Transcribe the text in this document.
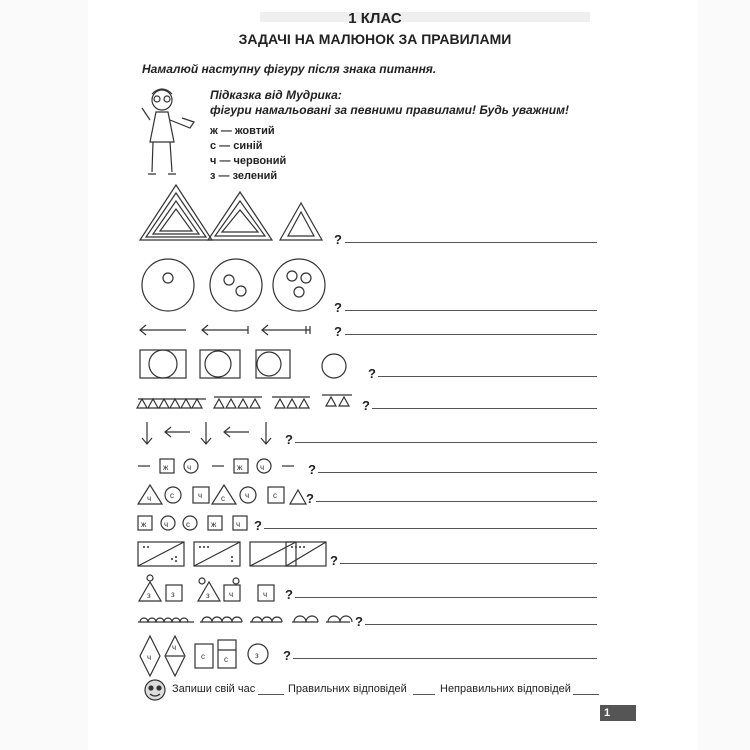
1 КЛАС
ЗАДАЧІ НА МАЛЮНОК ЗА ПРАВИЛАМИ
Намалюй наступну фігуру після знака питання.
Підказка від Мудрика:
фігури намальовані за певними правилами! Будь уважним!
ж — жовтий
с — синій
ч — червоний
з — зелений
?
?
?
?
?
?
?
?
?
?
?
?
?
Запиши свій час	Правильних відповідей	Неправильних відповідей
1
ж ч	ж ч
ч с	ч с	ч	с
ж ч с	ж ч
з	з	з ч	ч
ч
ч
с с	з
